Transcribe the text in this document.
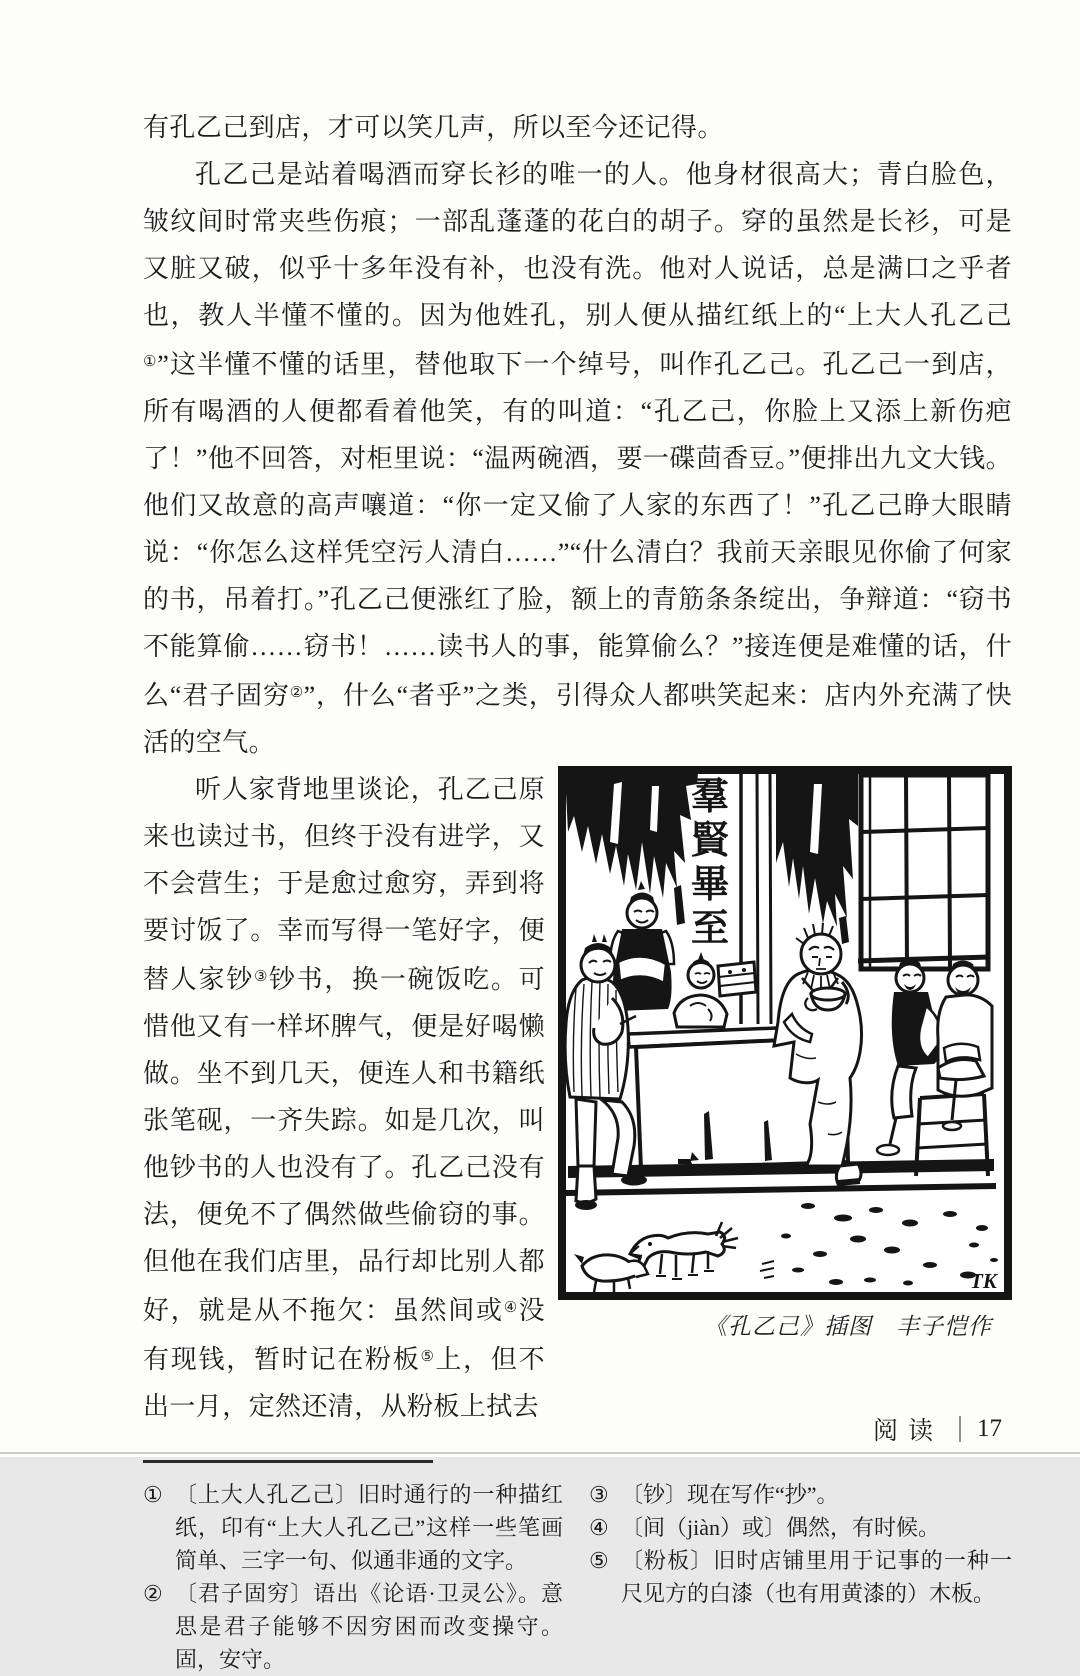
有孔乙己到店，才可以笑几声，所以至今还记得。

孔乙己是站着喝酒而穿长衫的唯一的人。他身材很高大；青白脸色，皱纹间时常夹些伤痕；一部乱蓬蓬的花白的胡子。穿的虽然是长衫，可是又脏又破，似乎十多年没有补，也没有洗。他对人说话，总是满口之乎者也，教人半懂不懂的。因为他姓孔，别人便从描红纸上的“上大人孔乙己①”这半懂不懂的话里，替他取下一个绰号，叫作孔乙己。孔乙己一到店，所有喝酒的人便都看着他笑，有的叫道：“孔乙己，你脸上又添上新伤疤了！”他不回答，对柜里说：“温两碗酒，要一碟茴香豆。”便排出九文大钱。他们又故意的高声嚷道：“你一定又偷了人家的东西了！”孔乙己睁大眼睛说：“你怎么这样凭空污人清白……”“什么清白？我前天亲眼见你偷了何家的书，吊着打。”孔乙己便涨红了脸，额上的青筋条条绽出，争辩道：“窃书不能算偷……窃书！……读书人的事，能算偷么？”接连便是难懂的话，什么“君子固穷②”，什么“者乎”之类，引得众人都哄笑起来：店内外充满了快活的空气。

听人家背地里谈论，孔乙己原来也读过书，但终于没有进学，又不会营生；于是愈过愈穷，弄到将要讨饭了。幸而写得一笔好字，便替人家钞③钞书，换一碗饭吃。可惜他又有一样坏脾气，便是好喝懒做。坐不到几天，便连人和书籍纸张笔砚，一齐失踪。如是几次，叫他钞书的人也没有了。孔乙己没有法，便免不了偶然做些偷窃的事。但他在我们店里，品行却比别人都好，就是从不拖欠：虽然间或④没有现钱，暂时记在粉板⑤上，但不出一月，定然还清，从粉板上拭去

羣
賢
畢
至
TK
《孔乙己》插图　丰子恺作

① 〔上大人孔乙己〕旧时通行的一种描红纸，印有“上大人孔乙己”这样一些笔画简单、三字一句、似通非通的文字。

② 〔君子固穷〕语出《论语·卫灵公》。意思是君子能够不因穷困而改变操守。固，安守。

③ 〔钞〕现在写作“抄”。

④ 〔间（jiàn）或〕偶然，有时候。

⑤ 〔粉板〕旧时店铺里用于记事的一种一尺见方的白漆（也有用黄漆的）木板。

阅读 17
